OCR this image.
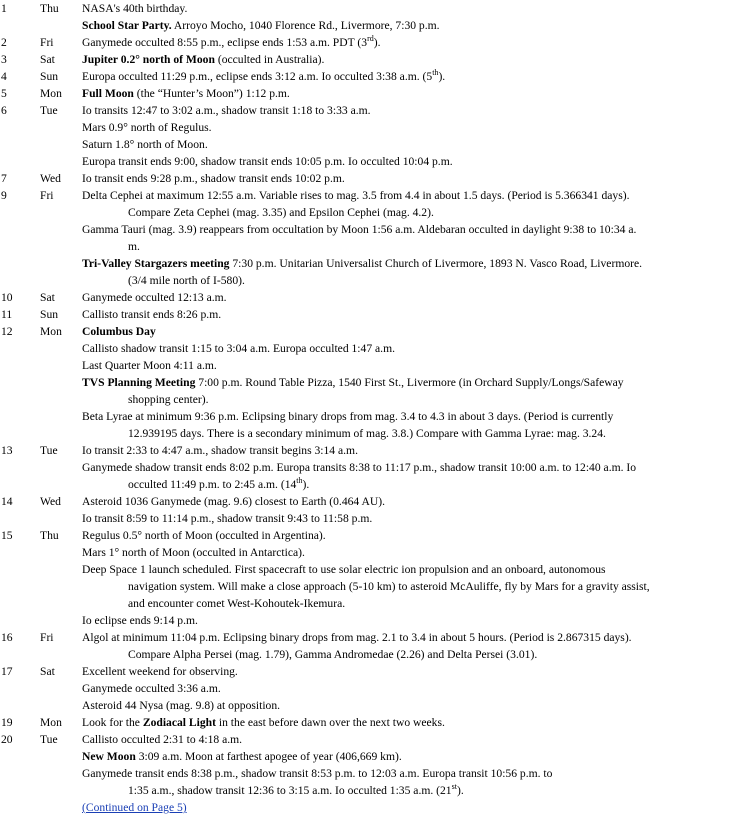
1	Thu NASA's 40th birthday.
School Star Party. Arroyo Mocho, 1040 Florence Rd., Livermore, 7:30 p.m.
2	Fri Ganymede occulted 8:55 p.m., eclipse ends 1:53 a.m. PDT (3rd).
3	Sat Jupiter 0.2° north of Moon (occulted in Australia).
4	Sun Europa occulted 11:29 p.m., eclipse ends 3:12 a.m. Io occulted 3:38 a.m. (5th).
5	Mon Full Moon (the “Hunter’s Moon”) 1:12 p.m.
6	Tue Io transits 12:47 to 3:02 a.m., shadow transit 1:18 to 3:33 a.m.
Mars 0.9° north of Regulus.
Saturn 1.8° north of Moon.
Europa transit ends 9:00, shadow transit ends 10:05 p.m. Io occulted 10:04 p.m.
7	Wed Io transit ends 9:28 p.m., shadow transit ends 10:02 p.m.
9	Fri Delta Cephei at maximum 12:55 a.m. Variable rises to mag. 3.5 from 4.4 in about 1.5 days. (Period is 5.366341 days).
Compare Zeta Cephei (mag. 3.35) and Epsilon Cephei (mag. 4.2).
Gamma Tauri (mag. 3.9) reappears from occultation by Moon 1:56 a.m. Aldebaran occulted in daylight 9:38 to 10:34 a.
m.
Tri-Valley Stargazers meeting 7:30 p.m. Unitarian Universalist Church of Livermore, 1893 N. Vasco Road, Livermore.
(3/4 mile north of I-580).
10 Sat Ganymede occulted 12:13 a.m.
11 Sun Callisto transit ends 8:26 p.m.
12 Mon Columbus Day
Callisto shadow transit 1:15 to 3:04 a.m. Europa occulted 1:47 a.m.
Last Quarter Moon 4:11 a.m.
TVS Planning Meeting 7:00 p.m. Round Table Pizza, 1540 First St., Livermore (in Orchard Supply/Longs/Safeway
shopping center).
Beta Lyrae at minimum 9:36 p.m. Eclipsing binary drops from mag. 3.4 to 4.3 in about 3 days. (Period is currently
12.939195 days. There is a secondary minimum of mag. 3.8.) Compare with Gamma Lyrae: mag. 3.24.
13 Tue Io transit 2:33 to 4:47 a.m., shadow transit begins 3:14 a.m.
Ganymede shadow transit ends 8:02 p.m. Europa transits 8:38 to 11:17 p.m., shadow transit 10:00 a.m. to 12:40 a.m. Io
occulted 11:49 p.m. to 2:45 a.m. (14th).
14 Wed Asteroid 1036 Ganymede (mag. 9.6) closest to Earth (0.464 AU).
Io transit 8:59 to 11:14 p.m., shadow transit 9:43 to 11:58 p.m.
15 Thu Regulus 0.5° north of Moon (occulted in Argentina).
Mars 1° north of Moon (occulted in Antarctica).
Deep Space 1 launch scheduled. First spacecraft to use solar electric ion propulsion and an onboard, autonomous
navigation system. Will make a close approach (5-10 km) to asteroid McAuliffe, fly by Mars for a gravity assist,
and encounter comet West-Kohoutek-Ikemura.
Io eclipse ends 9:14 p.m.
16 Fri Algol at minimum 11:04 p.m. Eclipsing binary drops from mag. 2.1 to 3.4 in about 5 hours. (Period is 2.867315 days).
Compare Alpha Persei (mag. 1.79), Gamma Andromedae (2.26) and Delta Persei (3.01).
17 Sat Excellent weekend for observing.
Ganymede occulted 3:36 a.m.
Asteroid 44 Nysa (mag. 9.8) at opposition.
19 Mon Look for the Zodiacal Light in the east before dawn over the next two weeks.
20 Tue Callisto occulted 2:31 to 4:18 a.m.
New Moon 3:09 a.m. Moon at farthest apogee of year (406,669 km).
Ganymede transit ends 8:38 p.m., shadow transit 8:53 p.m. to 12:03 a.m. Europa transit 10:56 p.m. to
1:35 a.m., shadow transit 12:36 to 3:15 a.m. Io occulted 1:35 a.m. (21st).
(Continued on Page 5)
